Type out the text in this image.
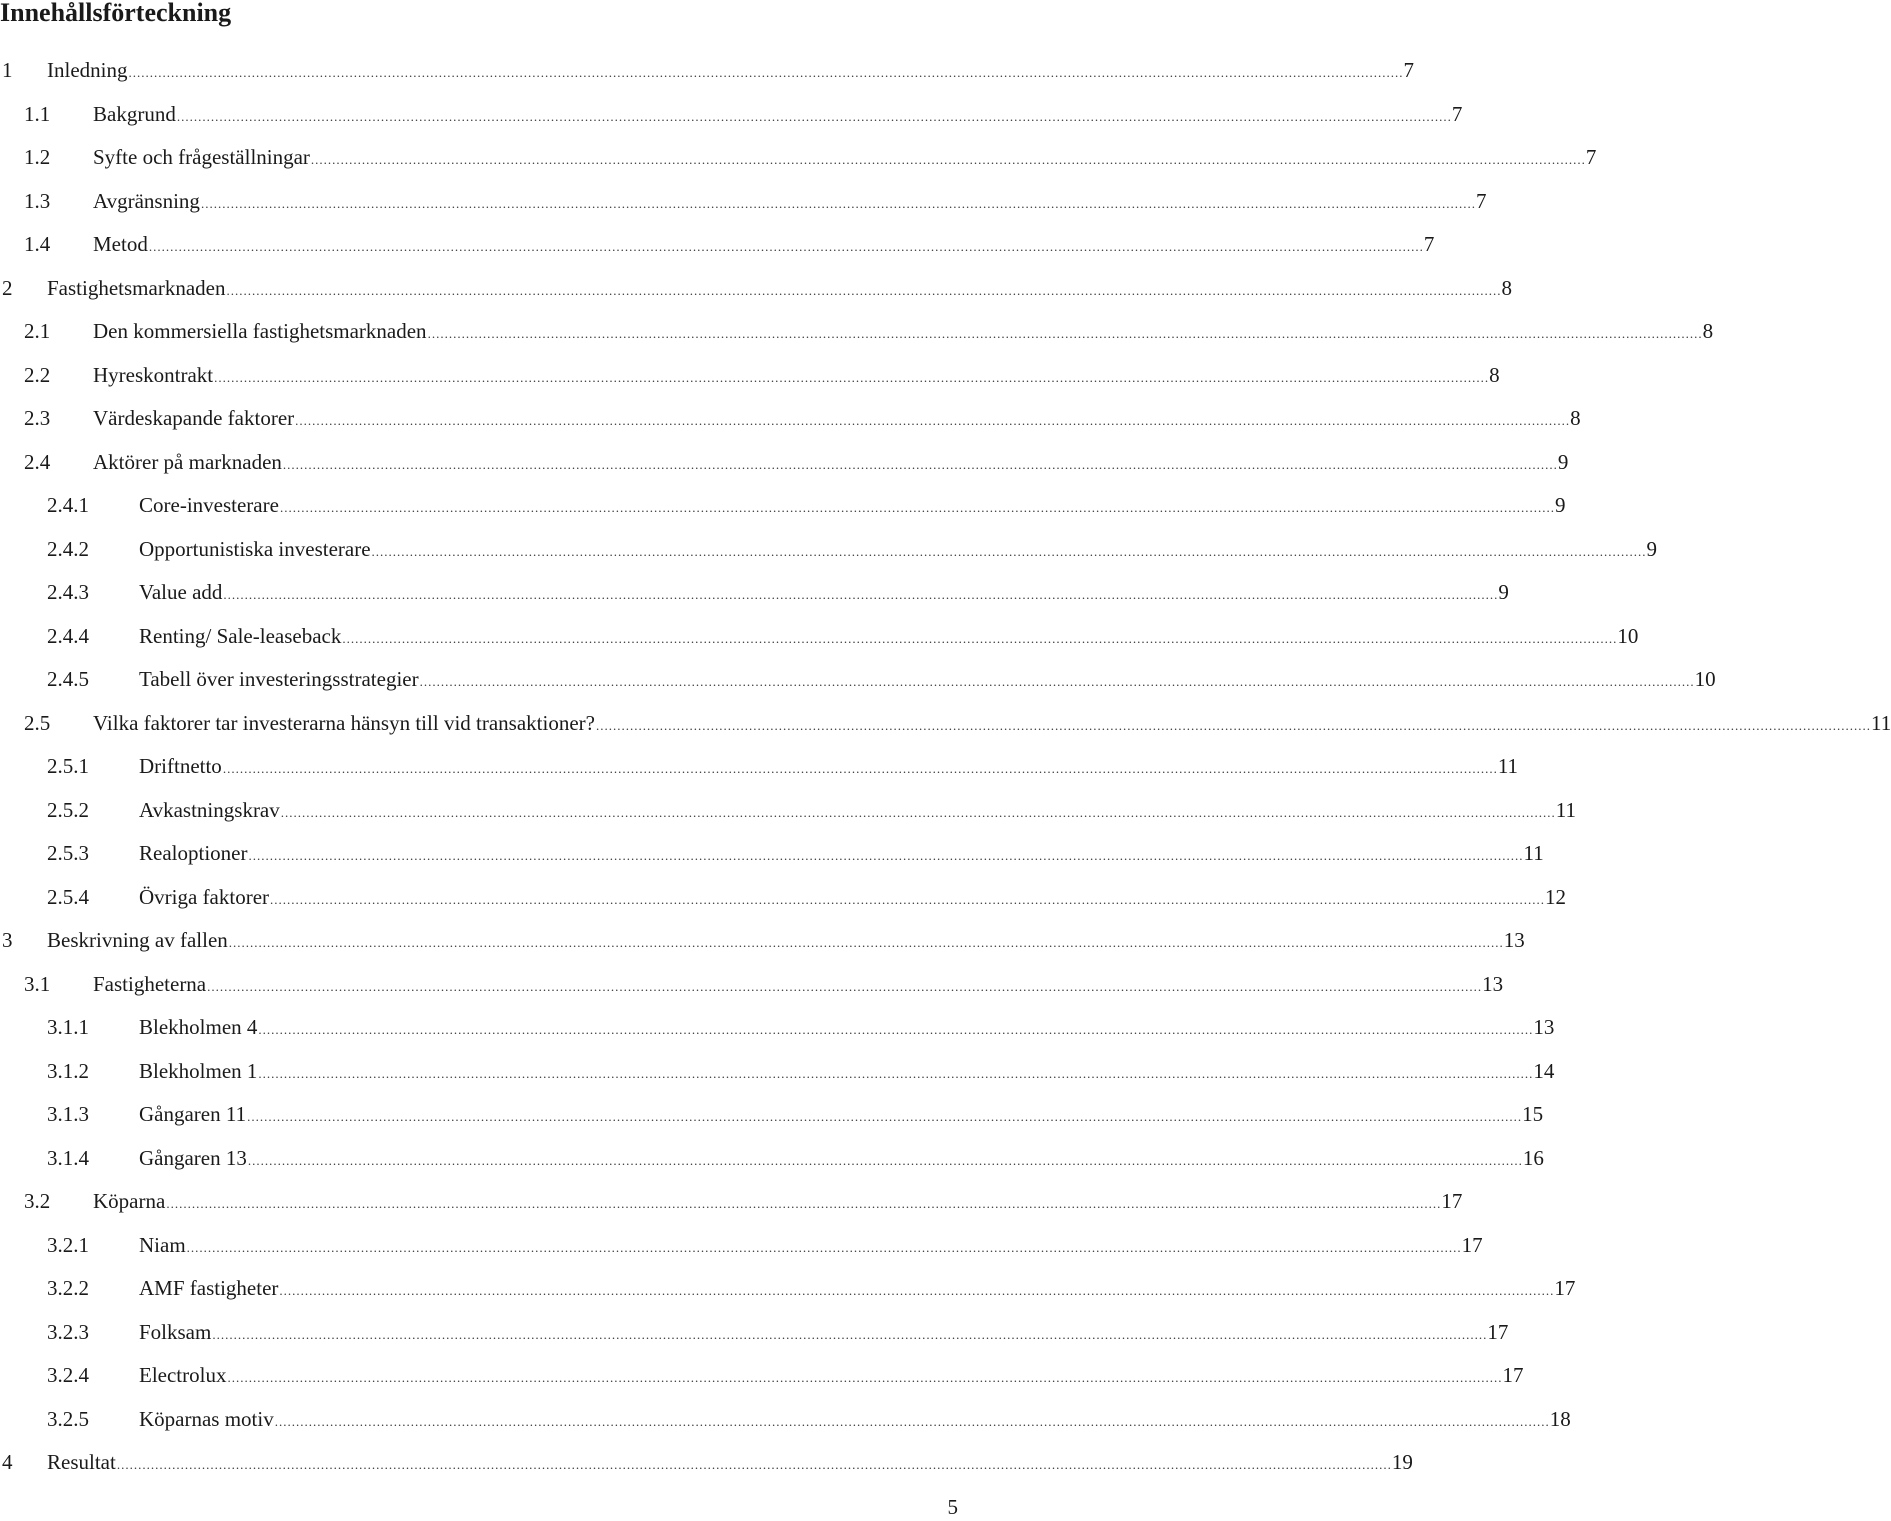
Innehållsförteckning
1 Inledning ............................................................................................................................................................................................................................................................................................................ 7
1.1 Bakgrund ............................................................................................................................................................................................................................................................................................................ 7
1.2 Syfte och frågeställningar ............................................................................................................................................................................................................................................................................................................ 7
1.3 Avgränsning ............................................................................................................................................................................................................................................................................................................ 7
1.4 Metod ............................................................................................................................................................................................................................................................................................................ 7
2 Fastighetsmarknaden ............................................................................................................................................................................................................................................................................................................ 8
2.1 Den kommersiella fastighetsmarknaden ............................................................................................................................................................................................................................................................................................................ 8
2.2 Hyreskontrakt ............................................................................................................................................................................................................................................................................................................ 8
2.3 Värdeskapande faktorer ............................................................................................................................................................................................................................................................................................................ 8
2.4 Aktörer på marknaden ............................................................................................................................................................................................................................................................................................................ 9
2.4.1 Core-investerare ............................................................................................................................................................................................................................................................................................................ 9
2.4.2 Opportunistiska investerare ............................................................................................................................................................................................................................................................................................................ 9
2.4.3 Value add ............................................................................................................................................................................................................................................................................................................ 9
2.4.4 Renting/ Sale-leaseback ............................................................................................................................................................................................................................................................................................................ 10
2.4.5 Tabell över investeringsstrategier ............................................................................................................................................................................................................................................................................................................ 10
2.5 Vilka faktorer tar investerarna hänsyn till vid transaktioner? ............................................................................................................................................................................................................................................................................................................ 11
2.5.1 Driftnetto ............................................................................................................................................................................................................................................................................................................ 11
2.5.2 Avkastningskrav ............................................................................................................................................................................................................................................................................................................ 11
2.5.3 Realoptioner ............................................................................................................................................................................................................................................................................................................ 11
2.5.4 Övriga faktorer ............................................................................................................................................................................................................................................................................................................ 12
3 Beskrivning av fallen ............................................................................................................................................................................................................................................................................................................ 13
3.1 Fastigheterna ............................................................................................................................................................................................................................................................................................................ 13
3.1.1 Blekholmen 4 ............................................................................................................................................................................................................................................................................................................ 13
3.1.2 Blekholmen 1 ............................................................................................................................................................................................................................................................................................................ 14
3.1.3 Gångaren 11 ............................................................................................................................................................................................................................................................................................................ 15
3.1.4 Gångaren 13 ............................................................................................................................................................................................................................................................................................................ 16
3.2 Köparna ............................................................................................................................................................................................................................................................................................................ 17
3.2.1 Niam ............................................................................................................................................................................................................................................................................................................ 17
3.2.2 AMF fastigheter ............................................................................................................................................................................................................................................................................................................ 17
3.2.3 Folksam ............................................................................................................................................................................................................................................................................................................ 17
3.2.4 Electrolux ............................................................................................................................................................................................................................................................................................................ 17
3.2.5 Köparnas motiv ............................................................................................................................................................................................................................................................................................................ 18
4 Resultat ............................................................................................................................................................................................................................................................................................................ 19
5
